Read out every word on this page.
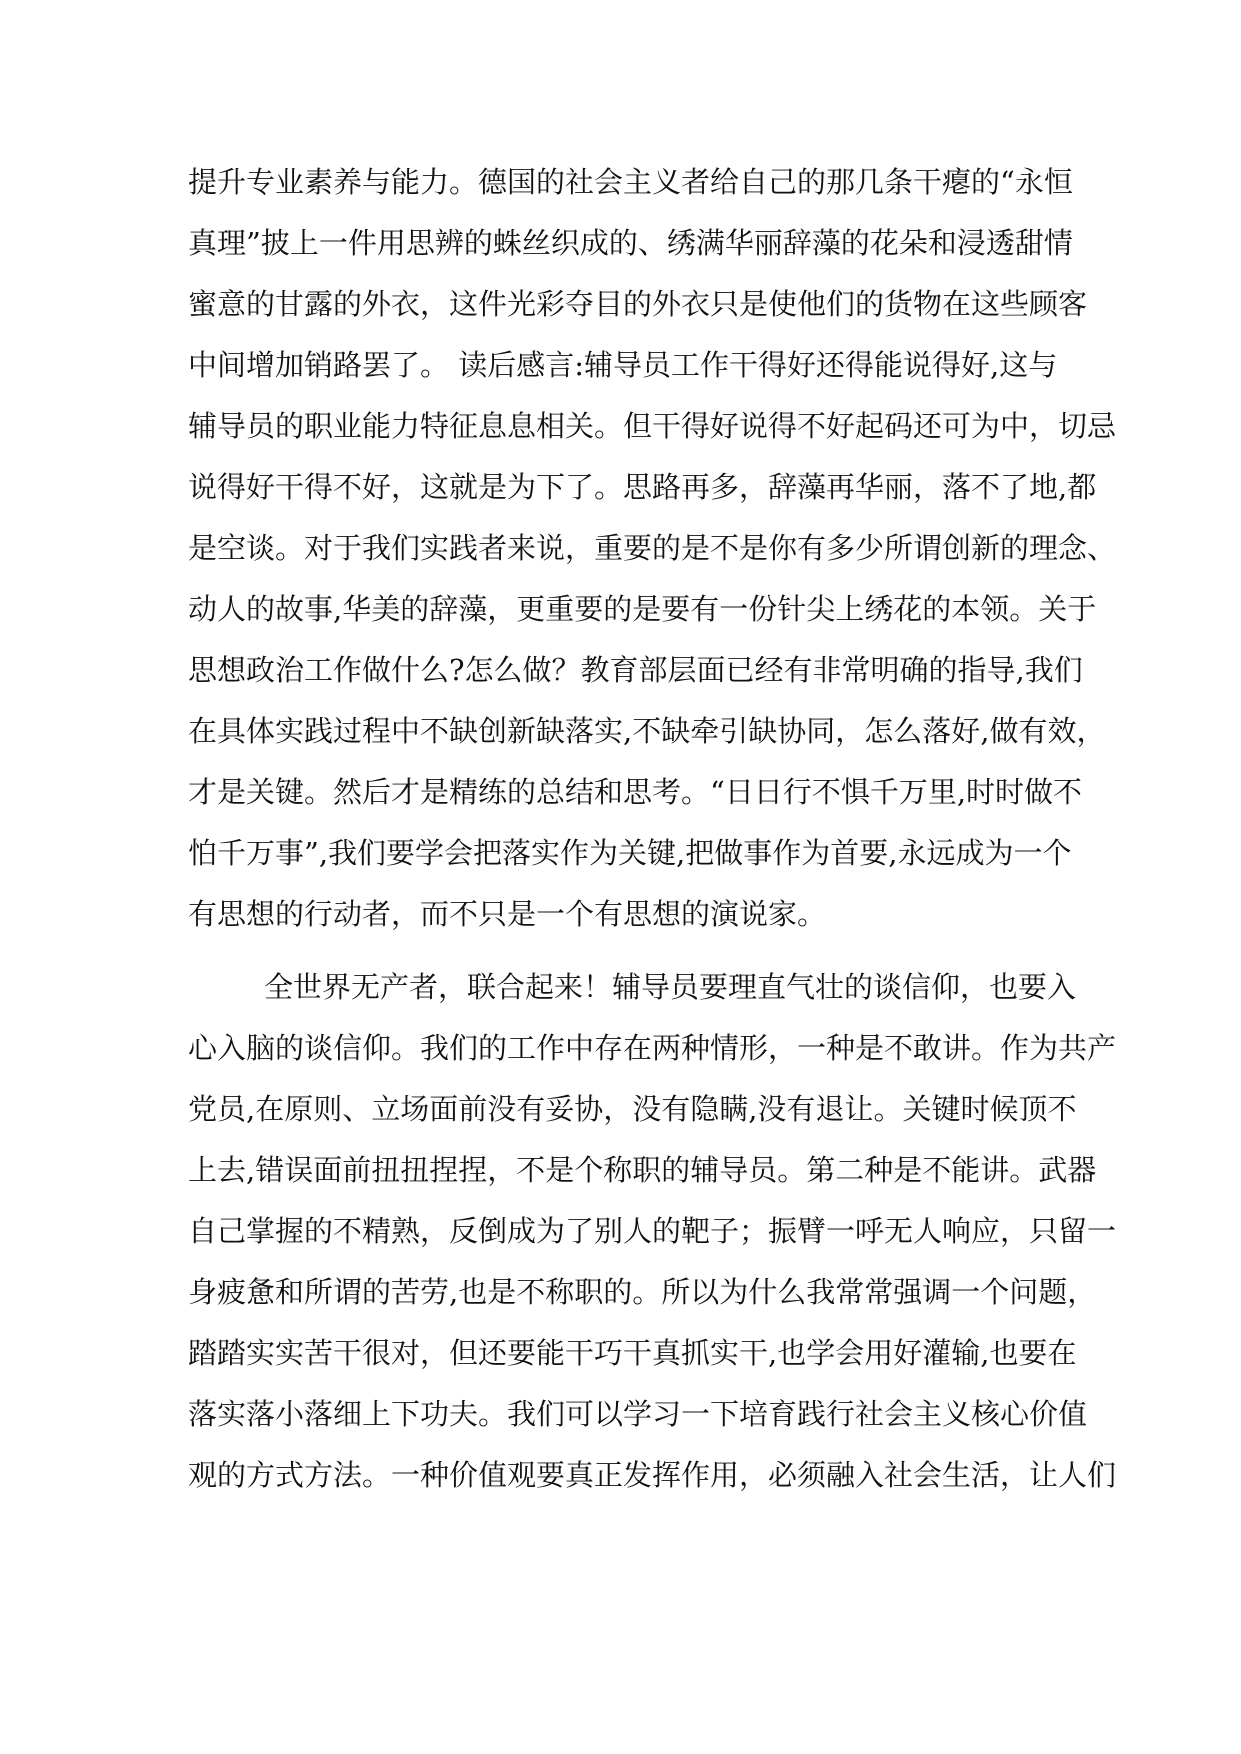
提升专业素养与能力。德国的社会主义者给自己的那几条干瘪的“永恒
真理”披上一件用思辨的蛛丝织成的、绣满华丽辞藻的花朵和浸透甜情
蜜意的甘露的外衣，这件光彩夺目的外衣只是使他们的货物在这些顾客
中间增加销路罢了。 读后感言:辅导员工作干得好还得能说得好,这与
辅导员的职业能力特征息息相关。但干得好说得不好起码还可为中，切忌
说得好干得不好，这就是为下了。思路再多，辞藻再华丽，落不了地,都
是空谈。对于我们实践者来说，重要的是不是你有多少所谓创新的理念、
动人的故事,华美的辞藻，更重要的是要有一份针尖上绣花的本领。关于
思想政治工作做什么?怎么做？教育部层面已经有非常明确的指导,我们
在具体实践过程中不缺创新缺落实,不缺牵引缺协同，怎么落好,做有效，
才是关键。然后才是精练的总结和思考。“日日行不惧千万里,时时做不
怕千万事”,我们要学会把落实作为关键,把做事作为首要,永远成为一个
有思想的行动者，而不只是一个有思想的演说家。
全世界无产者，联合起来！辅导员要理直气壮的谈信仰，也要入
心入脑的谈信仰。我们的工作中存在两种情形，一种是不敢讲。作为共产
党员,在原则、立场面前没有妥协，没有隐瞒,没有退让。关键时候顶不
上去,错误面前扭扭捏捏，不是个称职的辅导员。第二种是不能讲。武器
自己掌握的不精熟，反倒成为了别人的靶子；振臂一呼无人响应，只留一
身疲惫和所谓的苦劳,也是不称职的。所以为什么我常常强调一个问题，
踏踏实实苦干很对，但还要能干巧干真抓实干,也学会用好灌输,也要在
落实落小落细上下功夫。我们可以学习一下培育践行社会主义核心价值
观的方式方法。一种价值观要真正发挥作用，必须融入社会生活，让人们
